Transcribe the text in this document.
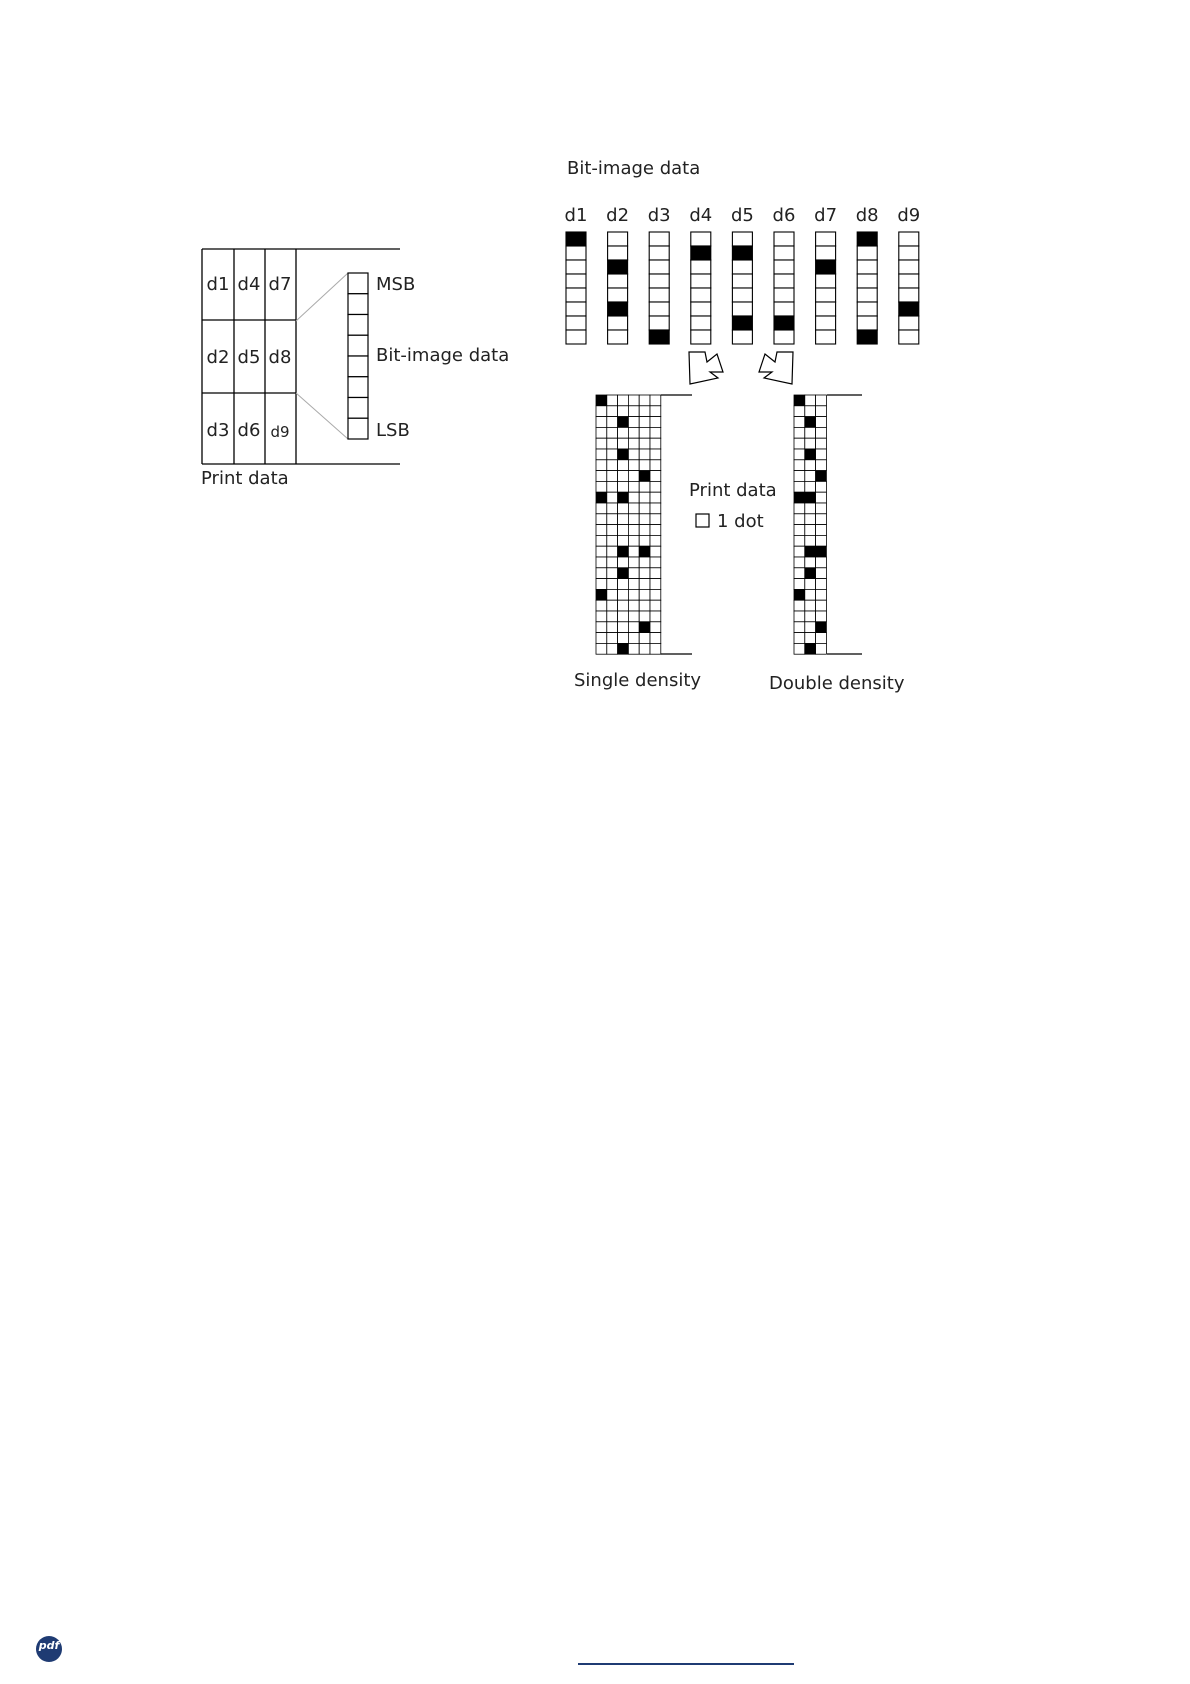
d1 d4 d7
d2 d5 d8
d3 d6 d9
Print data
MSB
Bit-image data
LSB
Bit-image data
d1 d2 d3 d4 d5 d6 d7 d8 d9
Print data
1 dot
Single density	Double density
pdf
